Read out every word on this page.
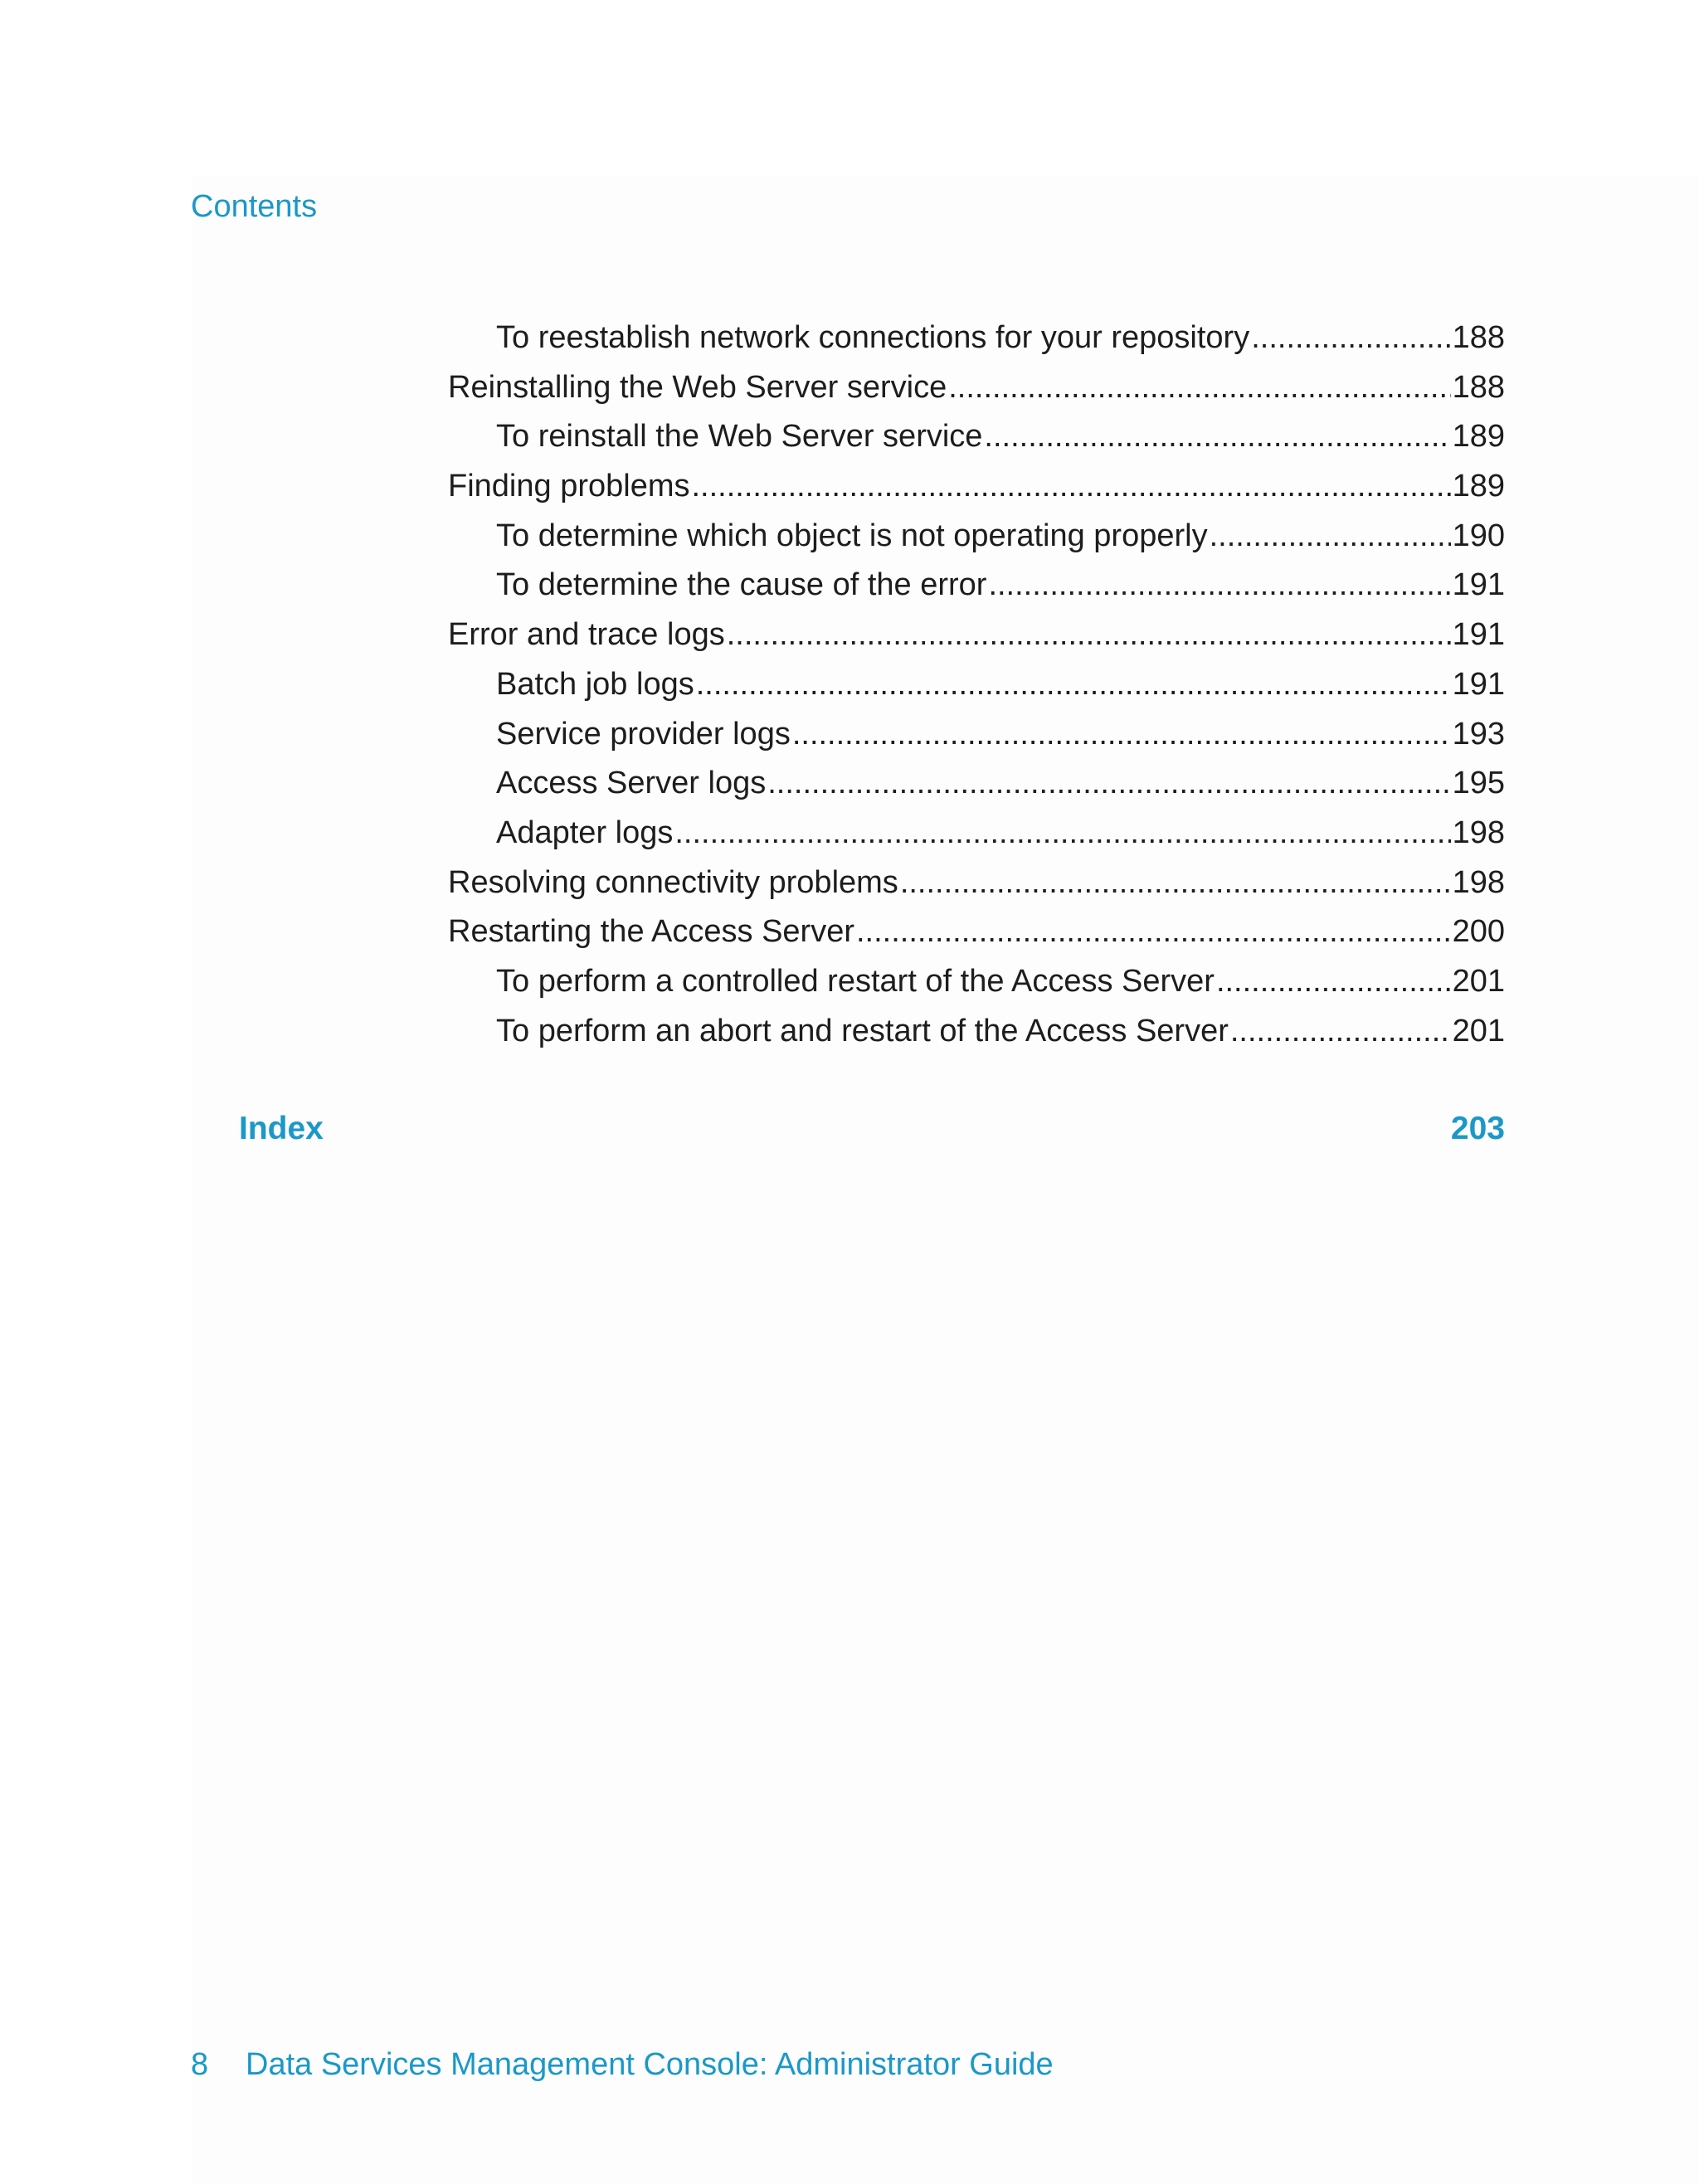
Contents
To reestablish network connections for your repository .....	188
Reinstalling the Web Server service .....	188
To reinstall the Web Server service .....	189
Finding problems .....	189
To determine which object is not operating properly .....	190
To determine the cause of the error .....	191
Error and trace logs .....	191
Batch job logs .....	191
Service provider logs .....	193
Access Server logs .....	195
Adapter logs .....	198
Resolving connectivity problems .....	198
Restarting the Access Server .....	200
To perform a controlled restart of the Access Server .....	201
To perform an abort and restart of the Access Server .....	201
Index	203
8 Data Services Management Console: Administrator Guide
